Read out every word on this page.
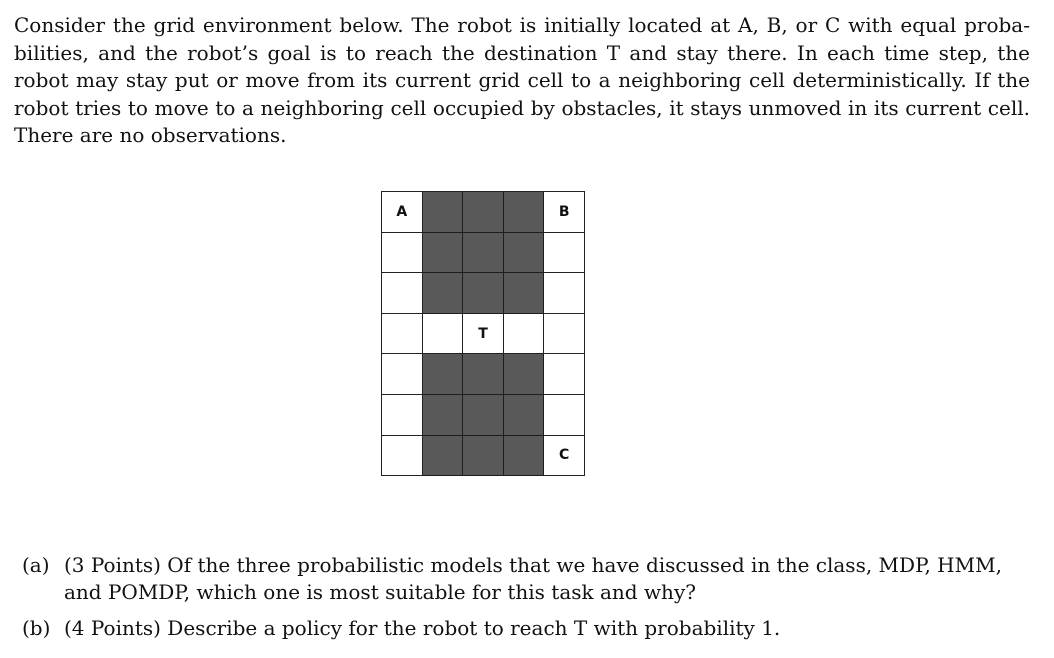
Consider the grid environment below. The robot is initially located at A, B, or C with equal probabilities, and the robot’s goal is to reach the destination T and stay there. In each time step, the robot may stay put or move from its current grid cell to a neighboring cell deterministically. If the robot tries to move to a neighboring cell occupied by obstacles, it stays unmoved in its current cell. There are no observations.

A	B
T
C
(a) (3 Points) Of the three probabilistic models that we have discussed in the class, MDP, HMM, and POMDP, which one is most suitable for this task and why?
(b) (4 Points) Describe a policy for the robot to reach T with probability 1.
